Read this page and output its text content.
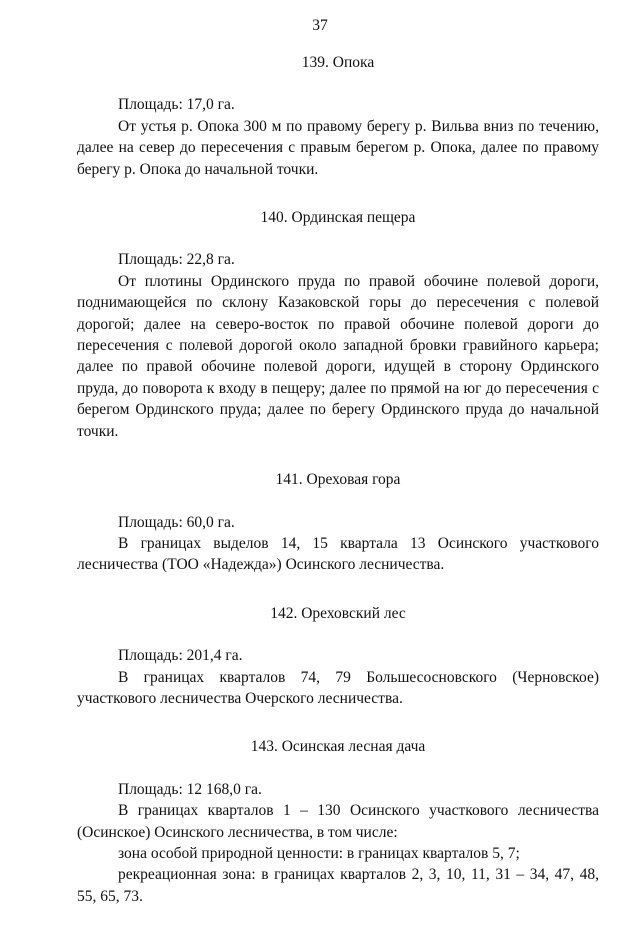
37
139. Опока

Площадь: 17,0 га.

От устья р. Опока 300 м по правому берегу р. Вильва вниз по течению, далее на север до пересечения с правым берегом р. Опока, далее по правому берегу р. Опока до начальной точки.

140. Ординская пещера

Площадь: 22,8 га.

От плотины Ординского пруда по правой обочине полевой дороги, поднимающейся по склону Казаковской горы до пересечения с полевой дорогой; далее на северо-восток по правой обочине полевой дороги до пересечения с полевой дорогой около западной бровки гравийного карьера; далее по правой обочине полевой дороги, идущей в сторону Ординского пруда, до поворота к входу в пещеру; далее по прямой на юг до пересечения с берегом Ординского пруда; далее по берегу Ординского пруда до начальной точки.

141. Ореховая гора

Площадь: 60,0 га.

В границах выделов 14, 15 квартала 13 Осинского участкового лесничества (ТОО «Надежда») Осинского лесничества.

142. Ореховский лес

Площадь: 201,4 га.

В границах кварталов 74, 79 Большесосновского (Черновское) участкового лесничества Очерского лесничества.

143. Осинская лесная дача

Площадь: 12 168,0 га.

В границах кварталов 1 – 130 Осинского участкового лесничества (Осинское) Осинского лесничества, в том числе:

зона особой природной ценности: в границах кварталов 5, 7;

рекреационная зона: в границах кварталов 2, 3, 10, 11, 31 – 34, 47, 48, 55, 65, 73.
